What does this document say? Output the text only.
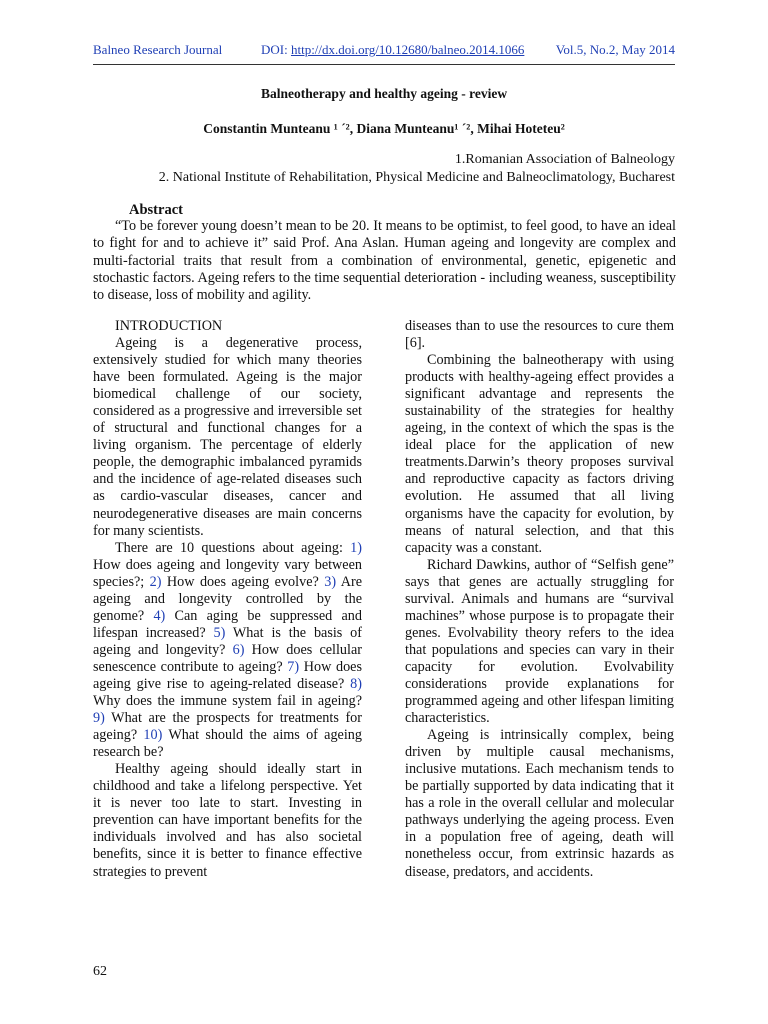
Balneo Research Journal	DOI: http://dx.doi.org/10.12680/balneo.2014.1066 Vol.5, No.2, May 2014
Balneotherapy and healthy ageing - review
Constantin Munteanu ¹ ´², Diana Munteanu¹ ´², Mihai Hoteteu²
1.Romanian Association of Balneology
2. National Institute of Rehabilitation, Physical Medicine and Balneoclimatology, Bucharest
Abstract

“To be forever young doesn’t mean to be 20. It means to be optimist, to feel good, to have an ideal to fight for and to achieve it” said Prof. Ana Aslan. Human ageing and longevity are complex and multi-factorial traits that result from a combination of environmental, genetic, epigenetic and stochastic factors. Ageing refers to the time sequential deterioration - including weaness, susceptibility to disease, loss of mobility and agility.

INTRODUCTION

Ageing is a degenerative process, extensively studied for which many theories have been formulated. Ageing is the major biomedical challenge of our society, considered as a progressive and irreversible set of structural and functional changes for a living organism. The percentage of elderly people, the demographic imbalanced pyramids and the incidence of age-related diseases such as cardio-vascular diseases, cancer and neurodegenerative diseases are main concerns for many scientists.

There are 10 questions about ageing: 1) How does ageing and longevity vary between species?; 2) How does ageing evolve? 3) Are ageing and longevity controlled by the genome? 4) Can aging be suppressed and lifespan increased? 5) What is the basis of ageing and longevity? 6) How does cellular senescence contribute to ageing? 7) How does ageing give rise to ageing-related disease? 8) Why does the immune system fail in ageing? 9) What are the prospects for treatments for ageing? 10) What should the aims of ageing research be?

Healthy ageing should ideally start in childhood and take a lifelong perspective. Yet it is never too late to start. Investing in prevention can have important benefits for the individuals involved and has also societal benefits, since it is better to finance effective strategies to prevent

diseases than to use the resources to cure them [6].

Combining the balneotherapy with using products with healthy-ageing effect provides a significant advantage and represents the sustainability of the strategies for healthy ageing, in the context of which the spas is the ideal place for the application of new treatments.Darwin’s theory proposes survival and reproductive capacity as factors driving evolution. He assumed that all living organisms have the capacity for evolution, by means of natural selection, and that this capacity was a constant.

Richard Dawkins, author of “Selfish gene” says that genes are actually struggling for survival. Animals and humans are “survival machines” whose purpose is to propagate their genes. Evolvability theory refers to the idea that populations and species can vary in their capacity for evolution. Evolvability considerations provide explanations for programmed ageing and other lifespan limiting characteristics.

Ageing is intrinsically complex, being driven by multiple causal mechanisms, inclusive mutations. Each mechanism tends to be partially supported by data indicating that it has a role in the overall cellular and molecular pathways underlying the ageing process. Even in a population free of ageing, death will nonetheless occur, from extrinsic hazards as disease, predators, and accidents.

62
